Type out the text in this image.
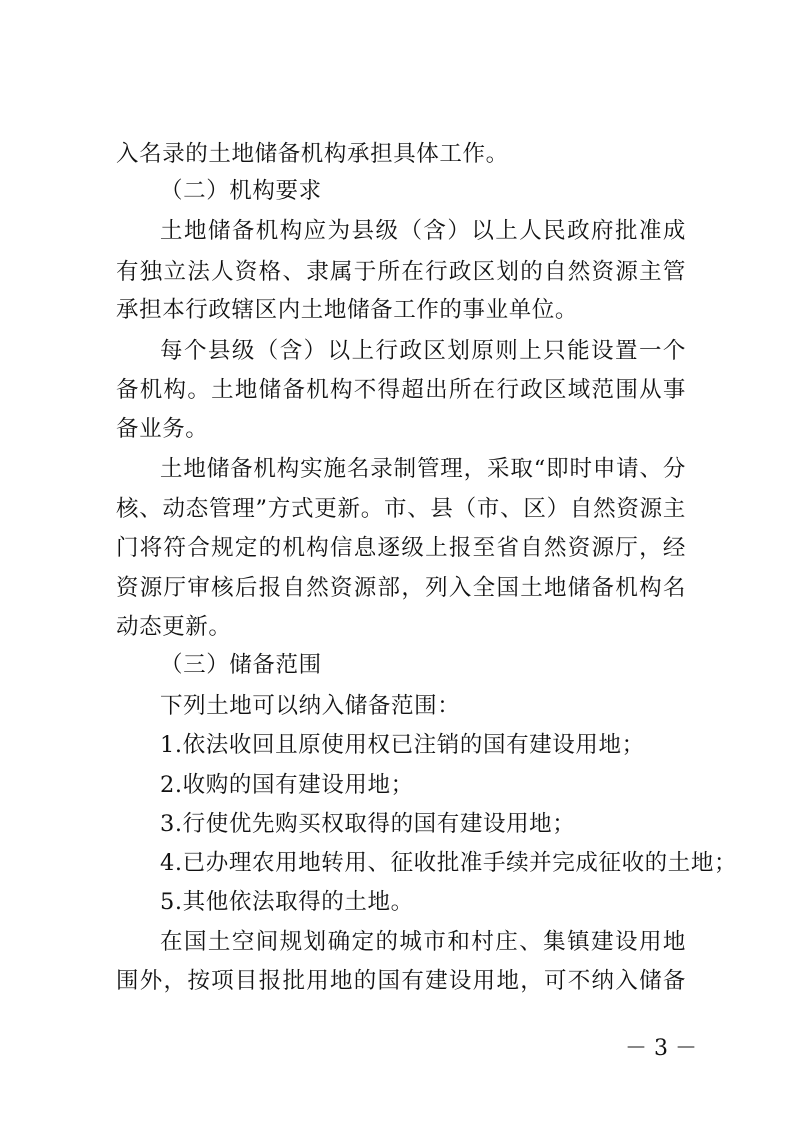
入名录的土地储备机构承担具体工作。
（二）机构要求
土地储备机构应为县级（含）以上人民政府批准成
有独立法人资格、隶属于所在行政区划的自然资源主管
承担本行政辖区内土地储备工作的事业单位。
每个县级（含）以上行政区划原则上只能设置一个
备机构。土地储备机构不得超出所在行政区域范围从事
备业务。
土地储备机构实施名录制管理，采取“即时申请、分
核、动态管理”方式更新。市、县（市、区）自然资源主
门将符合规定的机构信息逐级上报至省自然资源厅，经
资源厅审核后报自然资源部，列入全国土地储备机构名
动态更新。
（三）储备范围
下列土地可以纳入储备范围：
1.依法收回且原使用权已注销的国有建设用地；
2.收购的国有建设用地；
3.行使优先购买权取得的国有建设用地；
4.已办理农用地转用、征收批准手续并完成征收的土地；
5.其他依法取得的土地。
在国土空间规划确定的城市和村庄、集镇建设用地
围外，按项目报批用地的国有建设用地，可不纳入储备
－ 3 －
